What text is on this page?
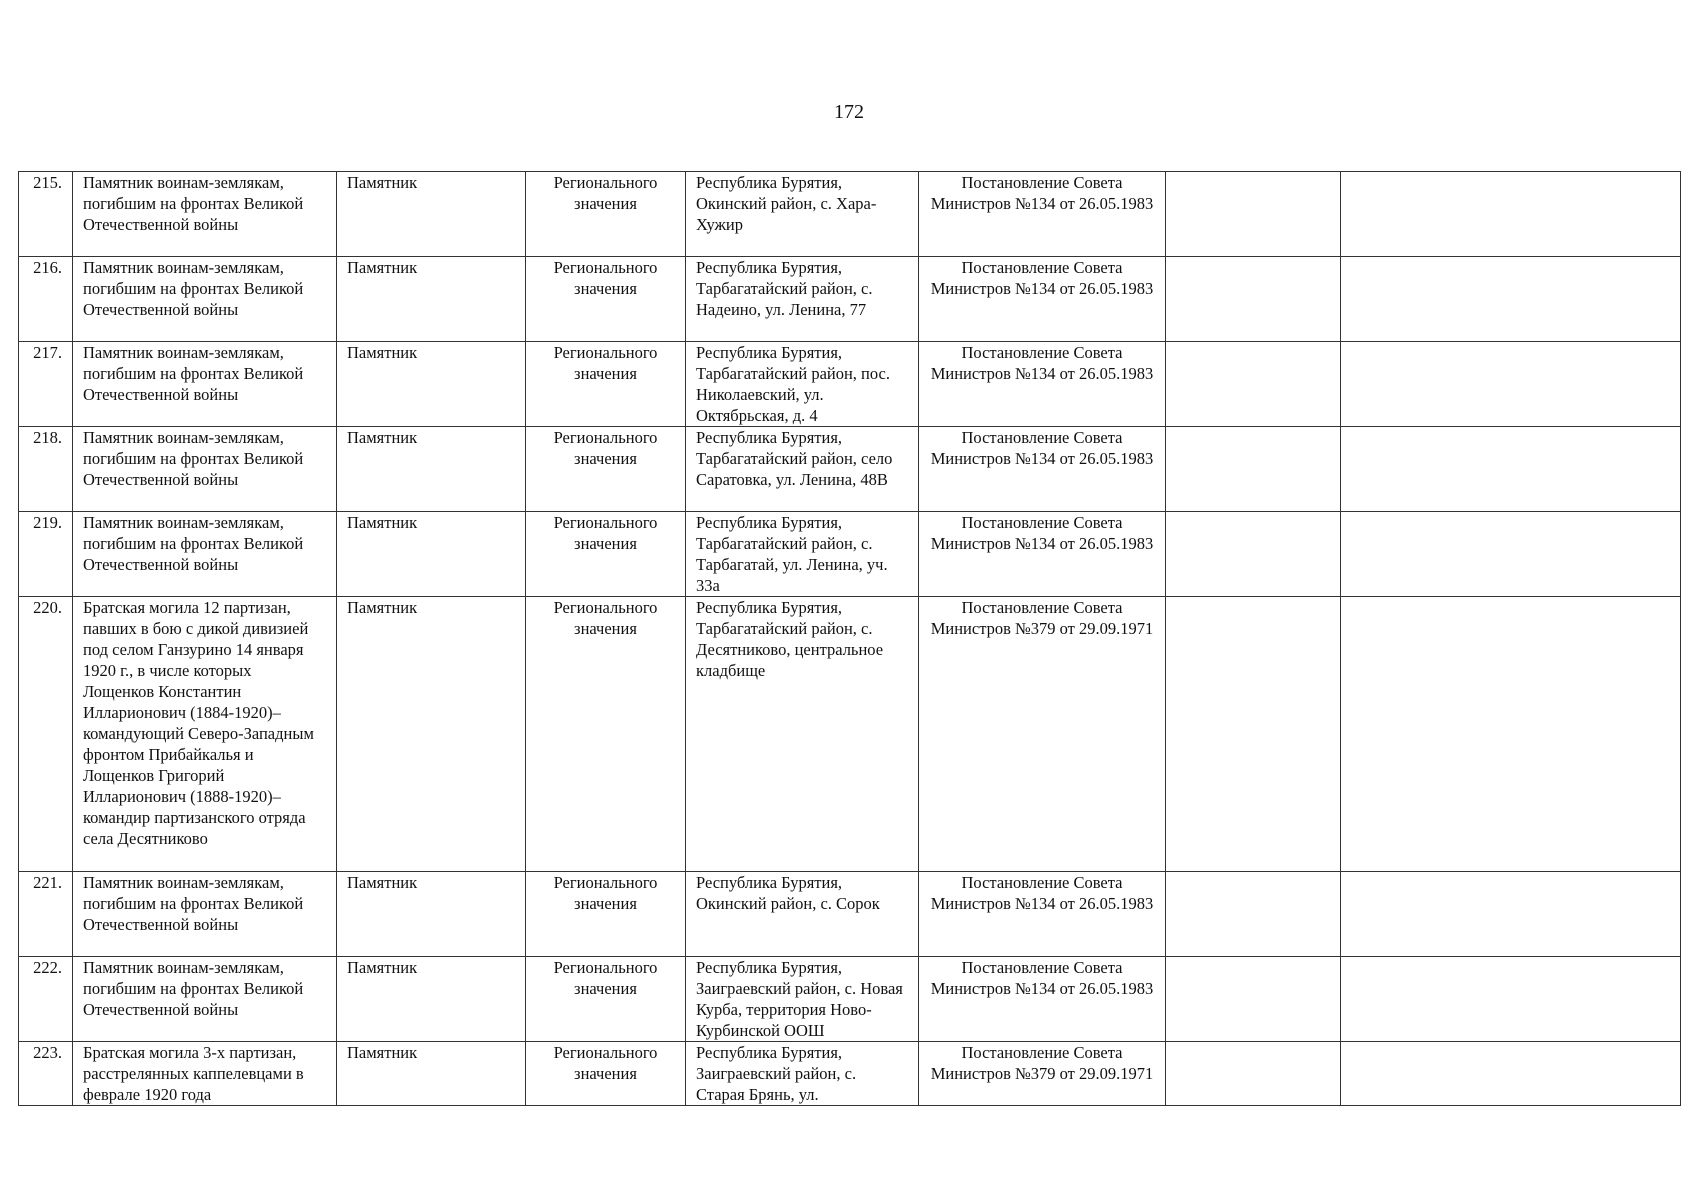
172
215.	Памятник воинам-землякам, погибшим на фронтах Великой Отечественной войны	Памятник	Регионального значения	Республика Бурятия, Окинский район, с. Хара-Хужир	Постановление Совета Министров №134 от 26.05.1983		
216.	Памятник воинам-землякам, погибшим на фронтах Великой Отечественной войны	Памятник	Регионального значения	Республика Бурятия, Тарбагатайский район, с. Надеино, ул. Ленина, 77	Постановление Совета Министров №134 от 26.05.1983		
217.	Памятник воинам-землякам, погибшим на фронтах Великой Отечественной войны	Памятник	Регионального значения	Республика Бурятия, Тарбагатайский район, пос. Николаевский, ул. Октябрьская, д. 4	Постановление Совета Министров №134 от 26.05.1983		
218.	Памятник воинам-землякам, погибшим на фронтах Великой Отечественной войны	Памятник	Регионального значения	Республика Бурятия, Тарбагатайский район, село Саратовка, ул. Ленина, 48В	Постановление Совета Министров №134 от 26.05.1983		
219.	Памятник воинам-землякам, погибшим на фронтах Великой Отечественной войны	Памятник	Регионального значения	Республика Бурятия, Тарбагатайский район, с. Тарбагатай, ул. Ленина, уч. 33а	Постановление Совета Министров №134 от 26.05.1983		
220.	Братская могила 12 партизан, павших в бою с дикой дивизией под селом Ганзурино 14 января 1920 г., в числе которых Лощенков Константин Илларионович (1884-1920)–командующий Северо-Западным фронтом Прибайкалья и Лощенков Григорий Илларионович (1888-1920)–командир партизанского отряда села Десятниково	Памятник	Регионального значения	Республика Бурятия, Тарбагатайский район, с. Десятниково, центральное кладбище	Постановление Совета Министров №379 от 29.09.1971		
221.	Памятник воинам-землякам, погибшим на фронтах Великой Отечественной войны	Памятник	Регионального значения	Республика Бурятия, Окинский район, с. Сорок	Постановление Совета Министров №134 от 26.05.1983		
222.	Памятник воинам-землякам, погибшим на фронтах Великой Отечественной войны	Памятник	Регионального значения	Республика Бурятия, Заиграевский район, с. Новая Курба, территория Ново-Курбинской ООШ	Постановление Совета Министров №134 от 26.05.1983		
223.	Братская могила 3-х партизан, расстрелянных каппелевцами в феврале 1920 года	Памятник	Регионального значения	Республика Бурятия, Заиграевский район, с. Старая Брянь, ул.	Постановление Совета Министров №379 от 29.09.1971		
